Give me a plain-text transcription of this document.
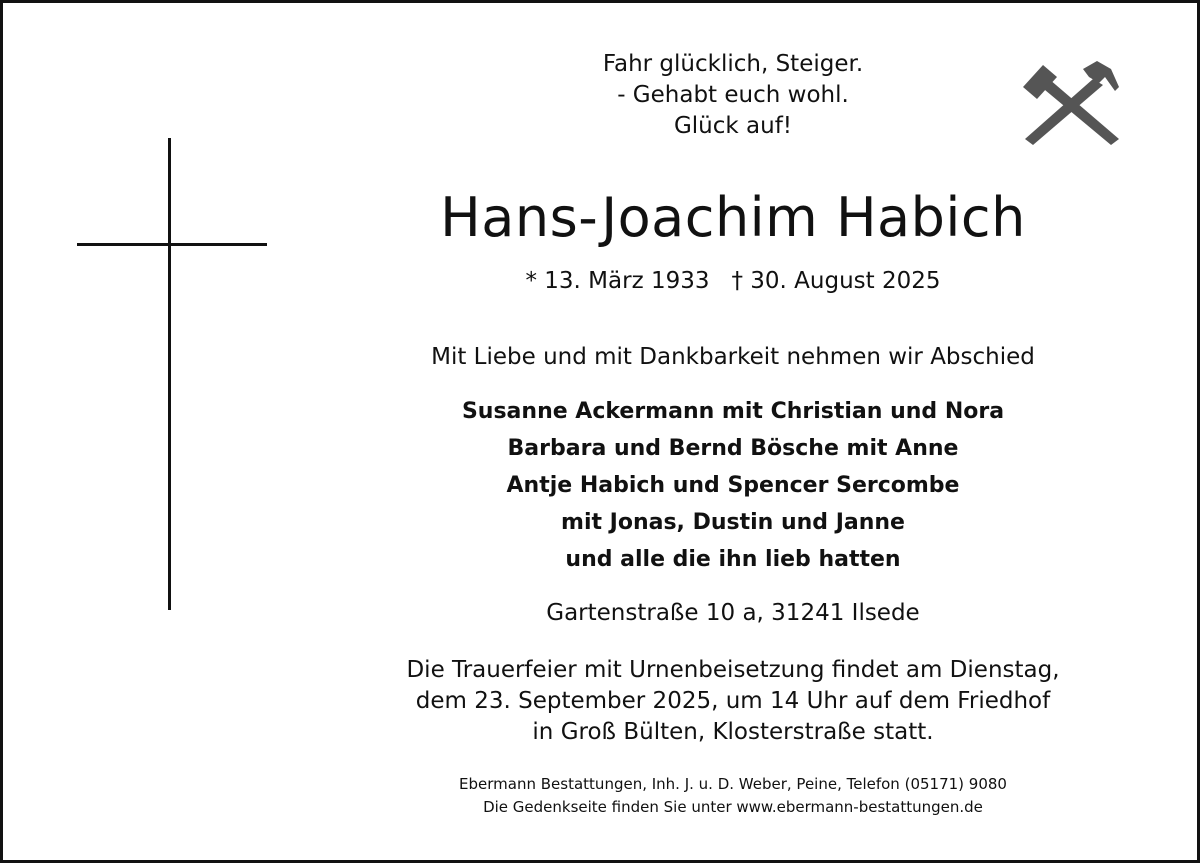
Fahr glücklich, Steiger.
- Gehabt euch wohl.
Glück auf!
Hans-Joachim Habich
* 13. März 1933 † 30. August 2025
Mit Liebe und mit Dankbarkeit nehmen wir Abschied
Susanne Ackermann mit Christian und Nora
Barbara und Bernd Bösche mit Anne
Antje Habich und Spencer Sercombe
mit Jonas, Dustin und Janne
und alle die ihn lieb hatten
Gartenstraße 10 a, 31241 Ilsede
Die Trauerfeier mit Urnenbeisetzung findet am Dienstag,
dem 23. September 2025, um 14 Uhr auf dem Friedhof
in Groß Bülten, Klosterstraße statt.
Ebermann Bestattungen, Inh. J. u. D. Weber, Peine, Telefon (05171) 9080
Die Gedenkseite finden Sie unter www.ebermann-bestattungen.de
